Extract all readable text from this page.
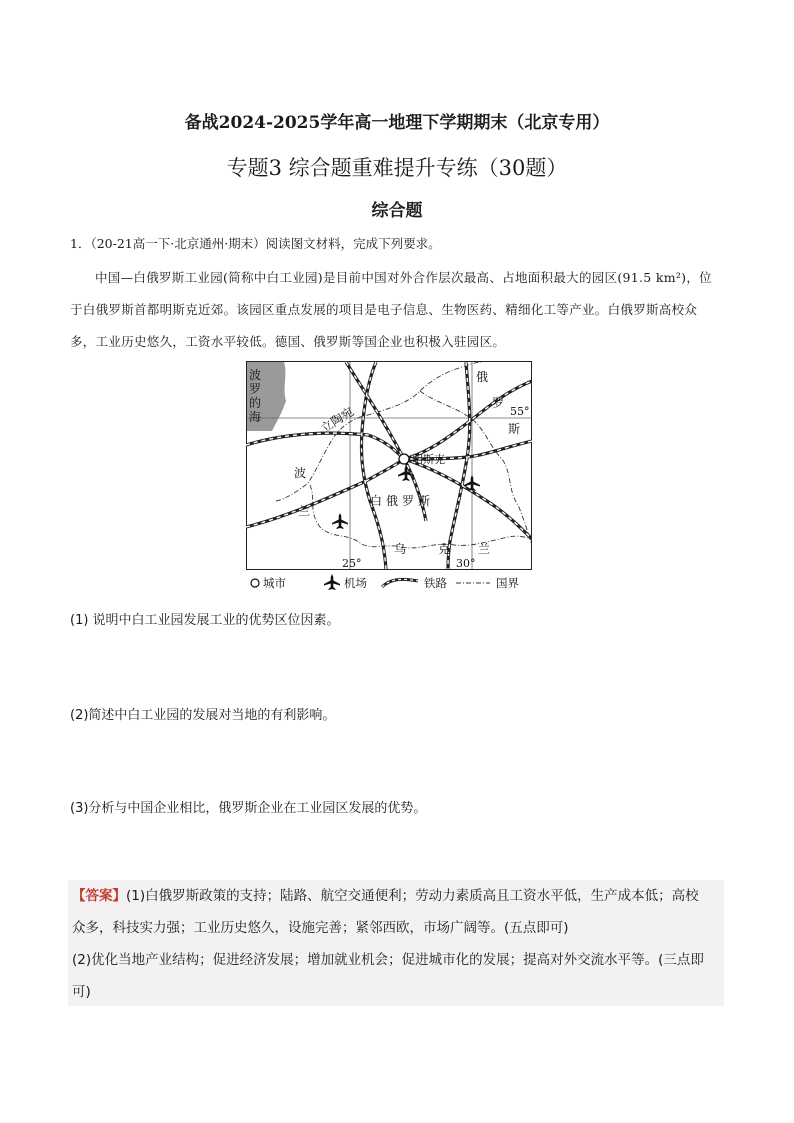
备战2024-2025学年高一地理下学期期末（北京专用）
专题3 综合题重难提升专练（30题）
综合题
1．（20-21高一下·北京通州·期末）阅读图文材料，完成下列要求。
中国—白俄罗斯工业园(简称中白工业园)是目前中国对外合作层次最高、占地面积最大的园区(91.5 km²)，位于白俄罗斯首都明斯克近郊。该园区重点发展的项目是电子信息、生物医药、精细化工等产业。白俄罗斯高校众多，工业历史悠久，工资水平较低。德国、俄罗斯等国企业也积极入驻园区。
波
罗
的
海	立陶宛
俄
罗
斯
55°
明斯克
波
兰
白俄罗斯
乌	克 兰
25°	30°
城市	机场	铁路	国界
(1) 说明中白工业园发展工业的优势区位因素。
(2)简述中白工业园的发展对当地的有利影响。
(3)分析与中国企业相比，俄罗斯企业在工业园区发展的优势。

【答案】(1)白俄罗斯政策的支持；陆路、航空交通便利；劳动力素质高且工资水平低，生产成本低；高校

众多，科技实力强；工业历史悠久，设施完善；紧邻西欧，市场广阔等。(五点即可)

(2)优化当地产业结构；促进经济发展；增加就业机会；促进城市化的发展；提高对外交流水平等。(三点即

可)
